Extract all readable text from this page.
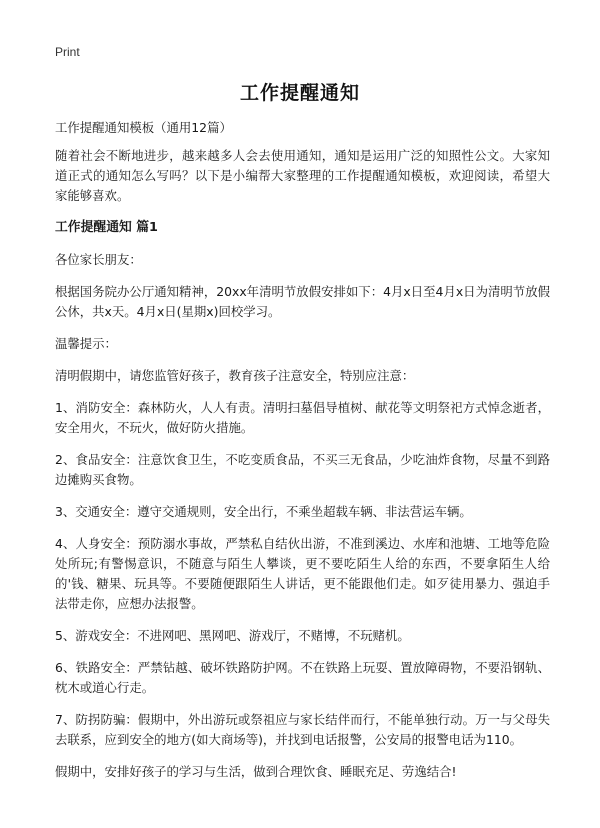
Print
工作提醒通知

工作提醒通知模板（通用12篇）

随着社会不断地进步，越来越多人会去使用通知，通知是运用广泛的知照性公文。大家知道正式的通知怎么写吗？以下是小编帮大家整理的工作提醒通知模板，欢迎阅读，希望大家能够喜欢。

工作提醒通知 篇1

各位家长朋友：

根据国务院办公厅通知精神，20xx年清明节放假安排如下：4月x日至4月x日为清明节放假公休，共x天。4月x日(星期x)回校学习。

温馨提示：

清明假期中，请您监管好孩子，教育孩子注意安全，特别应注意：

1、消防安全：森林防火，人人有责。清明扫墓倡导植树、献花等文明祭祀方式悼念逝者，安全用火，不玩火，做好防火措施。

2、食品安全：注意饮食卫生，不吃变质食品，不买三无食品，少吃油炸食物，尽量不到路边摊购买食物。

3、交通安全：遵守交通规则，安全出行，不乘坐超载车辆、非法营运车辆。

4、人身安全：预防溺水事故，严禁私自结伙出游，不准到溪边、水库和池塘、工地等危险处所玩;有警惕意识，不随意与陌生人攀谈，更不要吃陌生人给的东西，不要拿陌生人给的'钱、糖果、玩具等。不要随便跟陌生人讲话，更不能跟他们走。如歹徒用暴力、强迫手法带走你，应想办法报警。

5、游戏安全：不进网吧、黑网吧、游戏厅，不赌博，不玩赌机。

6、铁路安全：严禁钻越、破坏铁路防护网。不在铁路上玩耍、置放障碍物，不要沿钢轨、枕木或道心行走。

7、防拐防骗：假期中，外出游玩或祭祖应与家长结伴而行，不能单独行动。万一与父母失去联系，应到安全的地方(如大商场等)，并找到电话报警，公安局的报警电话为110。

假期中，安排好孩子的学习与生活，做到合理饮食、睡眠充足、劳逸结合!
